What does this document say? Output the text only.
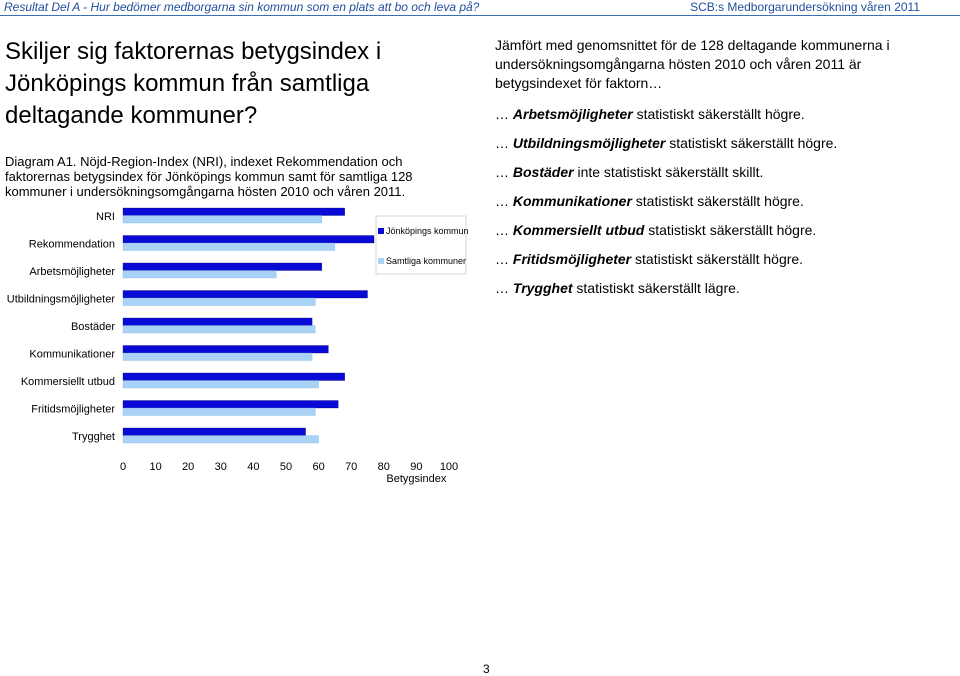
Resultat Del A - Hur bedömer medborgarna sin kommun som en plats att bo och leva på?	SCB:s Medborgarundersökning våren 2011
Skiljer sig faktorernas betygsindex i Jönköpings kommun från samtliga deltagande kommuner?
Diagram A1. Nöjd-Region-Index (NRI), indexet Rekommendation och faktorernas betygsindex för Jönköpings kommun samt för samtliga 128 kommuner i undersökningsomgångarna hösten 2010 och våren 2011.
NRI
Rekommendation
Arbetsmöjligheter
Utbildningsmöjligheter
Bostäder
Kommunikationer
Kommersiellt utbud
Fritidsmöjligheter
Trygghet
0 10 20 30 40 50 60 70 80 90 100
Betygsindex
Jönköpings kommun
Samtliga kommuner

Jämfört med genomsnittet för de 128 deltagande kommunerna i undersökningsomgångarna hösten 2010 och våren 2011 är betygsindexet för faktorn…

… Arbetsmöjligheter statistiskt säkerställt högre.

… Utbildningsmöjligheter statistiskt säkerställt högre.

… Bostäder inte statistiskt säkerställt skillt.

… Kommunikationer statistiskt säkerställt högre.

… Kommersiellt utbud statistiskt säkerställt högre.

… Fritidsmöjligheter statistiskt säkerställt högre.

… Trygghet statistiskt säkerställt lägre.

3
